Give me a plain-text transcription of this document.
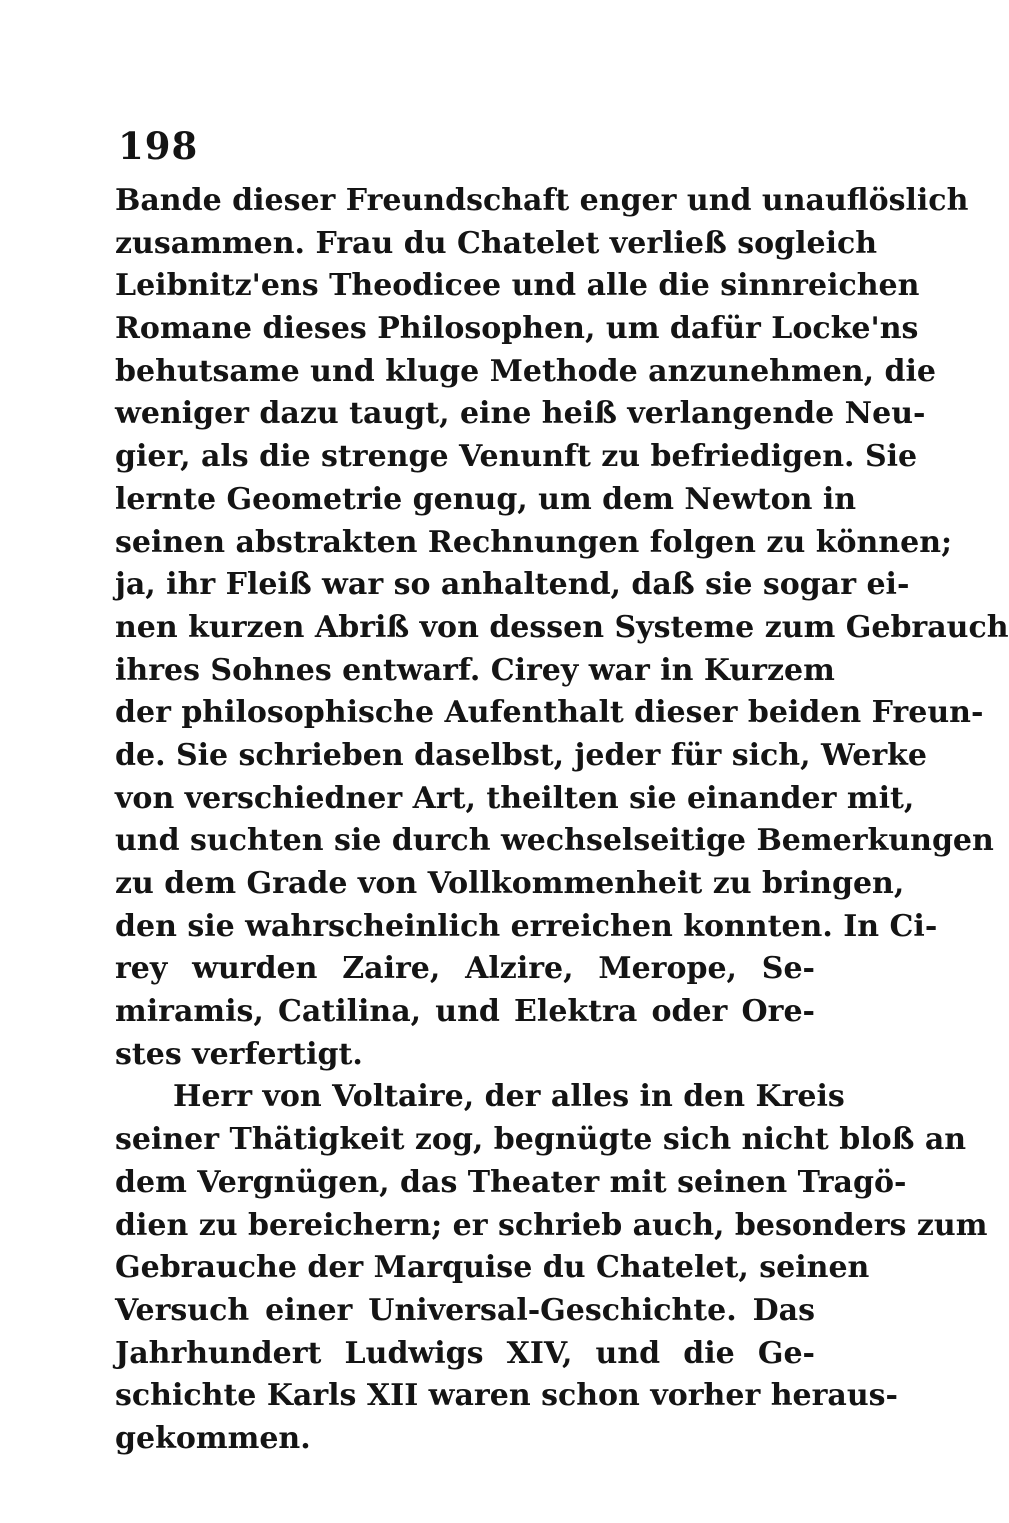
198
Bande dieser Freundschaft enger und unauflöslich
zusammen. Frau du Chatelet verließ sogleich
Leibnitz'ens Theodicee und alle die sinnreichen
Romane dieses Philosophen, um dafür Locke'ns
behutsame und kluge Methode anzunehmen, die
weniger dazu taugt, eine heiß verlangende Neu-
gier, als die strenge Venunft zu befriedigen. Sie
lernte Geometrie genug, um dem Newton in
seinen abstrakten Rechnungen folgen zu können;
ja, ihr Fleiß war so anhaltend, daß sie sogar ei-
nen kurzen Abriß von dessen Systeme zum Gebrauch
ihres Sohnes entwarf. Cirey war in Kurzem
der philosophische Aufenthalt dieser beiden Freun-
de. Sie schrieben daselbst, jeder für sich, Werke
von verschiedner Art, theilten sie einander mit,
und suchten sie durch wechselseitige Bemerkungen
zu dem Grade von Vollkommenheit zu bringen,
den sie wahrscheinlich erreichen konnten. In Ci-
rey wurden Zaire, Alzire, Merope, Se-
miramis, Catilina, und Elektra oder Ore-
stes verfertigt.
Herr von Voltaire, der alles in den Kreis
seiner Thätigkeit zog, begnügte sich nicht bloß an
dem Vergnügen, das Theater mit seinen Tragö-
dien zu bereichern; er schrieb auch, besonders zum
Gebrauche der Marquise du Chatelet, seinen
Versuch einer Universal-Geschichte. Das
Jahrhundert Ludwigs XIV, und die Ge-
schichte Karls XII waren schon vorher heraus-
gekommen.
